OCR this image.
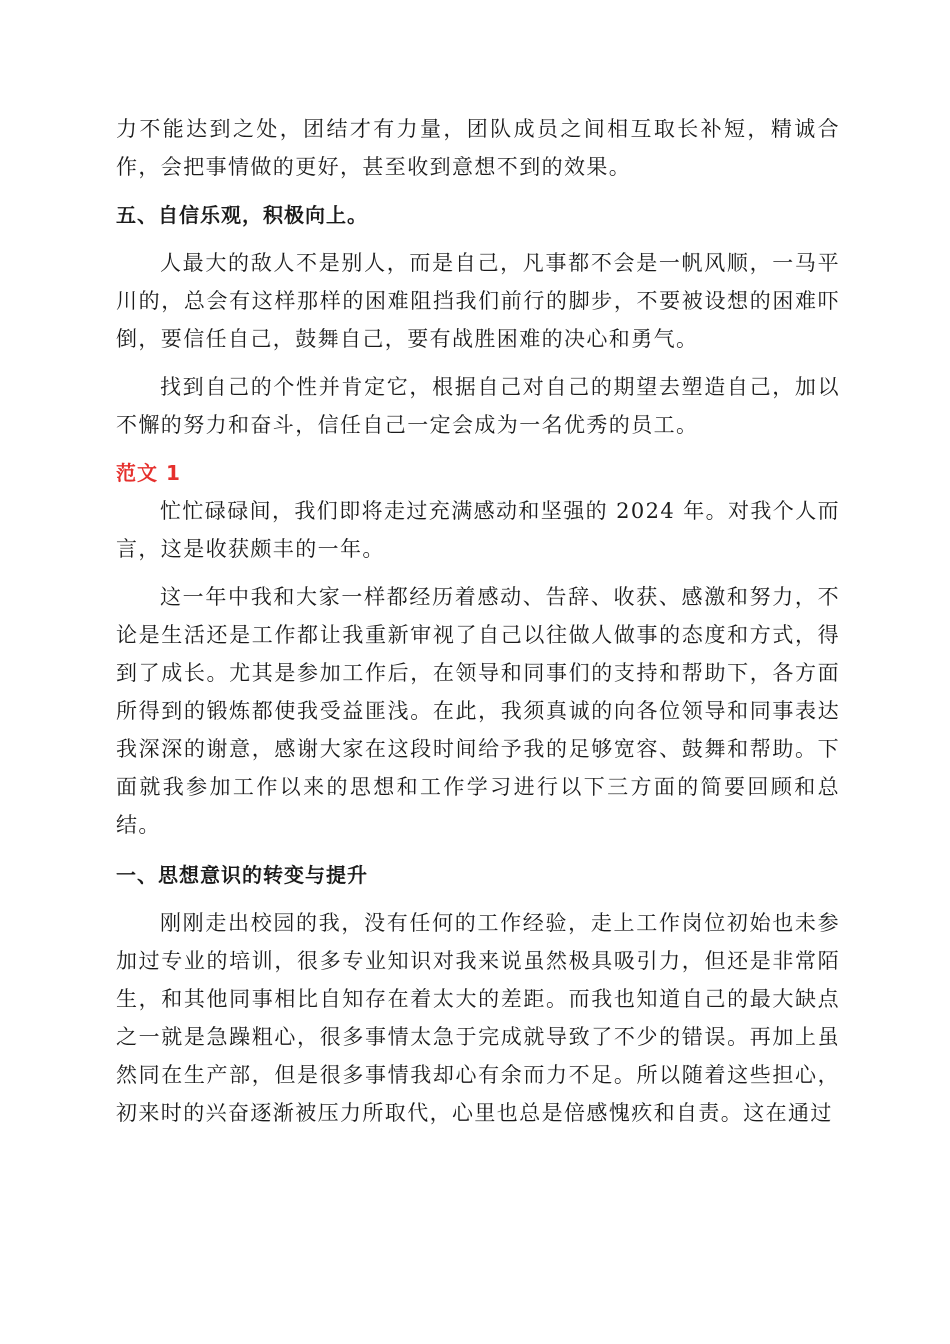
力不能达到之处，团结才有力量，团队成员之间相互取长补短，精诚合作，会把事情做的更好，甚至收到意想不到的效果。

五、自信乐观，积极向上。

人最大的敌人不是别人，而是自己，凡事都不会是一帆风顺，一马平川的，总会有这样那样的困难阻挡我们前行的脚步，不要被设想的困难吓倒，要信任自己，鼓舞自己，要有战胜困难的决心和勇气。

找到自己的个性并肯定它，根据自己对自己的期望去塑造自己，加以不懈的努力和奋斗，信任自己一定会成为一名优秀的员工。

范文 1

忙忙碌碌间，我们即将走过充满感动和坚强的 2024 年。对我个人而言，这是收获颇丰的一年。

这一年中我和大家一样都经历着感动、告辞、收获、感激和努力，不论是生活还是工作都让我重新审视了自己以往做人做事的态度和方式，得到了成长。尤其是参加工作后，在领导和同事们的支持和帮助下，各方面所得到的锻炼都使我受益匪浅。在此，我须真诚的向各位领导和同事表达我深深的谢意，感谢大家在这段时间给予我的足够宽容、鼓舞和帮助。下面就我参加工作以来的思想和工作学习进行以下三方面的简要回顾和总结。

一、思想意识的转变与提升

刚刚走出校园的我，没有任何的工作经验，走上工作岗位初始也未参加过专业的培训，很多专业知识对我来说虽然极具吸引力，但还是非常陌生，和其他同事相比自知存在着太大的差距。而我也知道自己的最大缺点之一就是急躁粗心，很多事情太急于完成就导致了不少的错误。再加上虽然同在生产部，但是很多事情我却心有余而力不足。所以随着这些担心，初来时的兴奋逐渐被压力所取代，心里也总是倍感愧疚和自责。这在通过
